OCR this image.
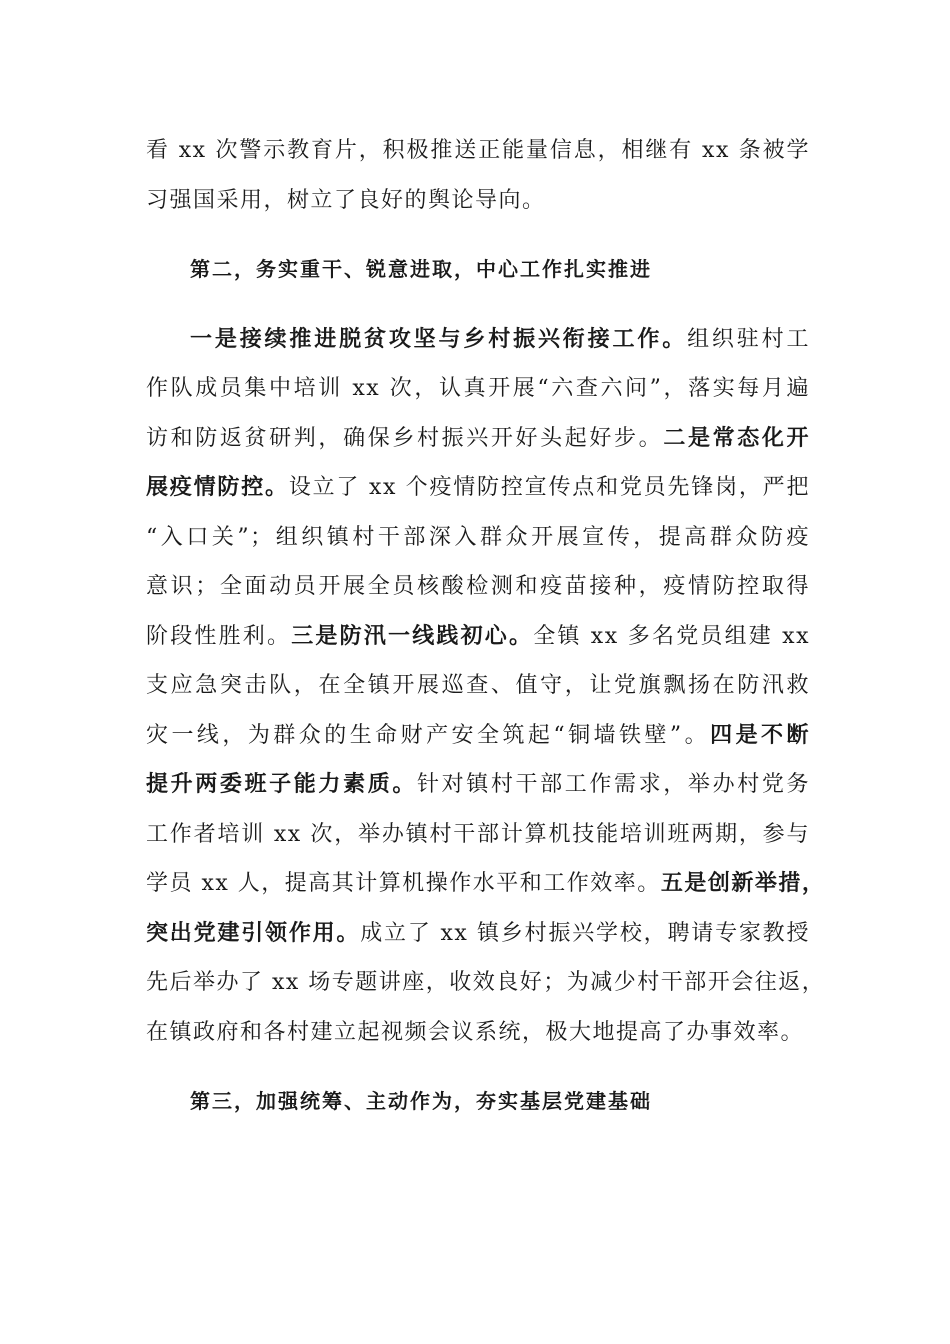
看 xx 次警示教育片，积极推送正能量信息，相继有 xx 条被学
习强国采用，树立了良好的舆论导向。
第二，务实重干、锐意进取，中心工作扎实推进
一是接续推进脱贫攻坚与乡村振兴衔接工作。组织驻村工
作队成员集中培训 xx 次，认真开展“六查六问”，落实每月遍
访和防返贫研判，确保乡村振兴开好头起好步。二是常态化开
展疫情防控。设立了 xx 个疫情防控宣传点和党员先锋岗，严把
“入口关”；组织镇村干部深入群众开展宣传，提高群众防疫
意识；全面动员开展全员核酸检测和疫苗接种，疫情防控取得
阶段性胜利。三是防汛一线践初心。全镇 xx 多名党员组建 xx
支应急突击队，在全镇开展巡查、值守，让党旗飘扬在防汛救
灾一线，为群众的生命财产安全筑起“铜墙铁壁”。四是不断
提升两委班子能力素质。针对镇村干部工作需求，举办村党务
工作者培训 xx 次，举办镇村干部计算机技能培训班两期，参与
学员 xx 人，提高其计算机操作水平和工作效率。五是创新举措，
突出党建引领作用。成立了 xx 镇乡村振兴学校，聘请专家教授
先后举办了 xx 场专题讲座，收效良好；为减少村干部开会往返，
在镇政府和各村建立起视频会议系统，极大地提高了办事效率。
第三，加强统筹、主动作为，夯实基层党建基础
